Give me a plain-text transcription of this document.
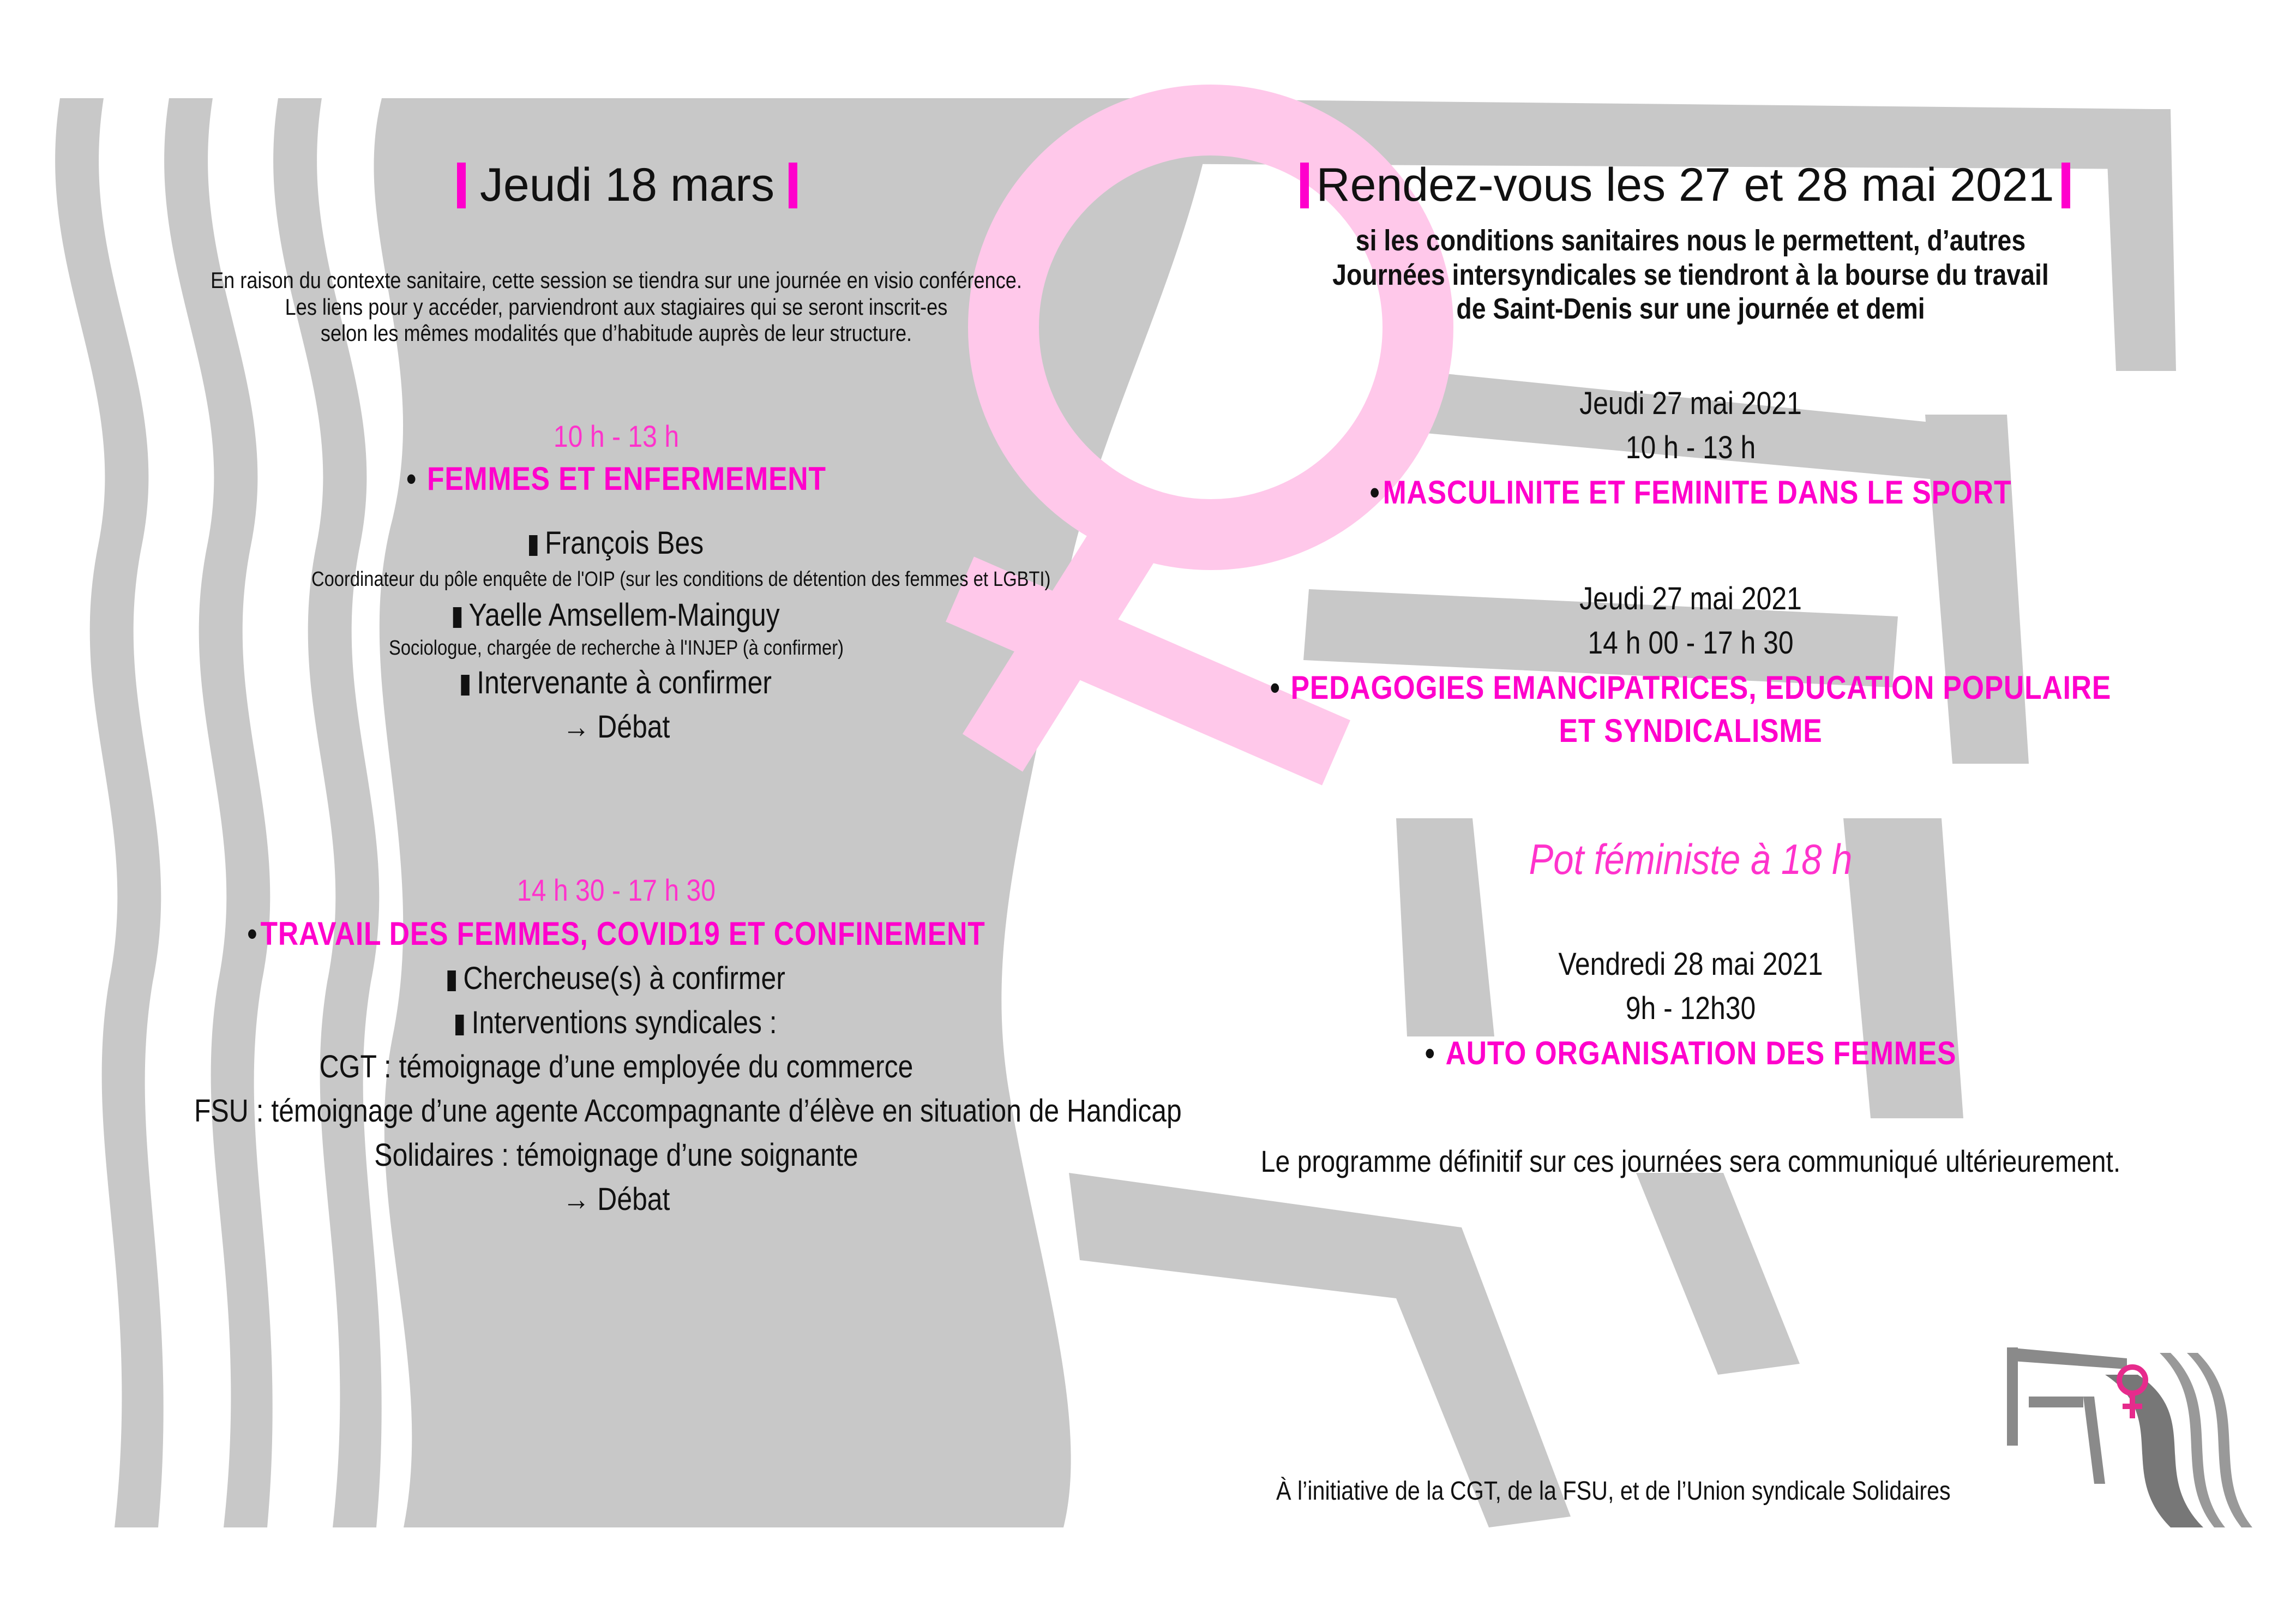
Jeudi 18 mars
En raison du contexte sanitaire, cette session se tiendra sur une journée en visio conférence.
Les liens pour y accéder, parviendront aux stagiaires qui se seront inscrit-es
selon les mêmes modalités que d’habitude auprès de leur structure.
10 h - 13 h
• FEMMES ET ENFERMEMENT
François Bes
Coordinateur du pôle enquête de l'OIP (sur les conditions de détention des femmes et LGBTI)
Yaelle Amsellem-Mainguy
Sociologue, chargée de recherche à l'INJEP (à confirmer)
Intervenante à confirmer
→ Débat
14 h 30 - 17 h 30
•TRAVAIL DES FEMMES, COVID19 ET CONFINEMENT
Chercheuse(s) à confirmer
Interventions syndicales :
CGT : témoignage d’une employée du commerce
FSU : témoignage d’une agente Accompagnante d’élève en situation de Handicap
Solidaires : témoignage d’une soignante
→ Débat
Rendez-vous les 27 et 28 mai 2021
si les conditions sanitaires nous le permettent, d’autres
Journées intersyndicales se tiendront à la bourse du travail
de Saint-Denis sur une journée et demi
Jeudi 27 mai 2021
10 h - 13 h
•MASCULINITE ET FEMINITE DANS LE SPORT
Jeudi 27 mai 2021
14 h 00 - 17 h 30
• PEDAGOGIES EMANCIPATRICES, EDUCATION POPULAIRE
ET SYNDICALISME
Pot féministe à 18 h
Vendredi 28 mai 2021
9h - 12h30
• AUTO ORGANISATION DES FEMMES
Le programme définitif sur ces journées sera communiqué ultérieurement.
À l’initiative de la CGT, de la FSU, et de l’Union syndicale Solidaires
